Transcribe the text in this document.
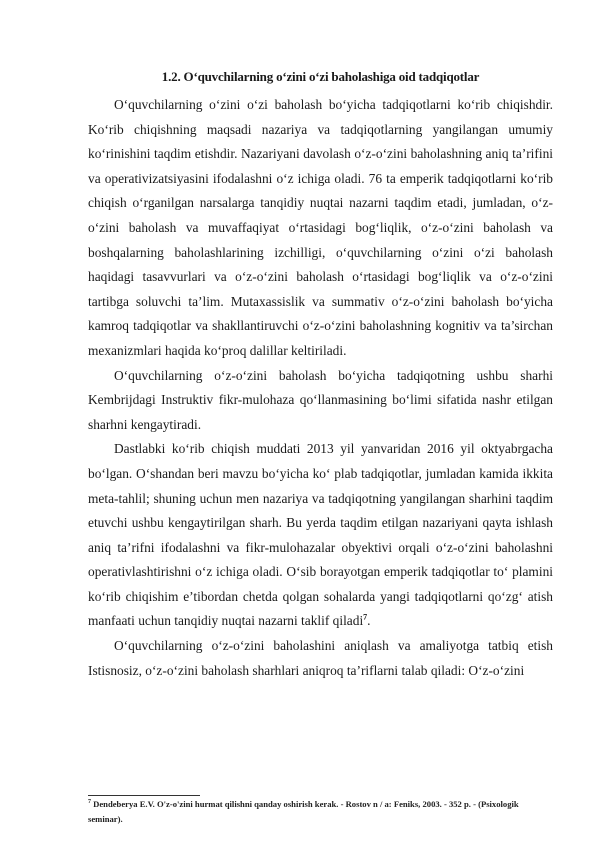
1.2. O‘quvchilarning o‘zini o‘zi baholashiga oid tadqiqotlar

O‘quvchilarning o‘zini o‘zi baholash bo‘yicha tadqiqotlarni ko‘rib chiqishdir. Ko‘rib chiqishning maqsadi nazariya va tadqiqotlarning yangilangan umumiy ko‘rinishini taqdim etishdir. Nazariyani davolash o‘z-o‘zini baholashning aniq ta’rifini va operativizatsiyasini ifodalashni o‘z ichiga oladi. 76 ta emperik tadqiqotlarni ko‘rib chiqish o‘rganilgan narsalarga tanqidiy nuqtai nazarni taqdim etadi, jumladan, o‘z-o‘zini baholash va muvaffaqiyat o‘rtasidagi bog‘liqlik, o‘z-o‘zini baholash va boshqalarning baholashlarining izchilligi, o‘quvchilarning o‘zini o‘zi baholash haqidagi tasavvurlari va o‘z-o‘zini baholash o‘rtasidagi bog‘liqlik va o‘z-o‘zini tartibga soluvchi ta’lim. Mutaxassislik va summativ o‘z-o‘zini baholash bo‘yicha kamroq tadqiqotlar va shakllantiruvchi o‘z-o‘zini baholashning kognitiv va ta’sirchan mexanizmlari haqida ko‘proq dalillar keltiriladi.

O‘quvchilarning o‘z-o‘zini baholash bo‘yicha tadqiqotning ushbu sharhi Kembrijdagi Instruktiv fikr-mulohaza qo‘llanmasining bo‘limi sifatida nashr etilgan sharhni kengaytiradi.

Dastlabki ko‘rib chiqish muddati 2013 yil yanvaridan 2016 yil oktyabrgacha bo‘lgan. O‘shandan beri mavzu bo‘yicha ko‘ plab tadqiqotlar, jumladan kamida ikkita meta-tahlil; shuning uchun men nazariya va tadqiqotning yangilangan sharhini taqdim etuvchi ushbu kengaytirilgan sharh. Bu yerda taqdim etilgan nazariyani qayta ishlash aniq ta’rifni ifodalashni va fikr-mulohazalar obyektivi orqali o‘z-o‘zini baholashni operativlashtirishni o‘z ichiga oladi. O‘sib borayotgan emperik tadqiqotlar to‘ plamini ko‘rib chiqishim e’tibordan chetda qolgan sohalarda yangi tadqiqotlarni qo‘zg‘ atish manfaati uchun tanqidiy nuqtai nazarni taklif qiladi$^7$.

O‘quvchilarning o‘z-o‘zini baholashini aniqlash va amaliyotga tatbiq etish Istisnosiz, o‘z-o‘zini baholash sharhlari aniqroq ta’riflarni talab qiladi: O‘z-o‘zini

$^7$ Dendeberya E.V. O'z-o'zini hurmat qilishni qanday oshirish kerak. - Rostov n / a: Feniks, 2003. - 352 p. - (Psixologik seminar).
